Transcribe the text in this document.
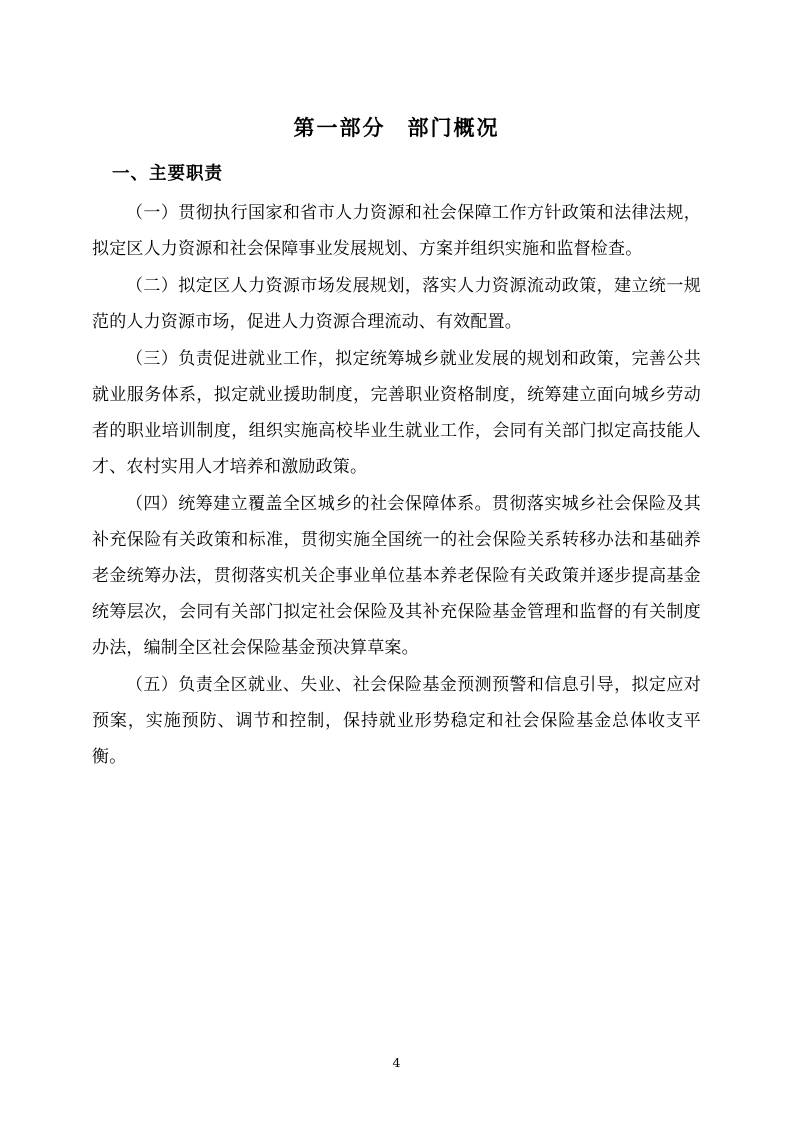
第一部分 部门概况
一、主要职责

（一）贯彻执行国家和省市人力资源和社会保障工作方针政策和法律法规，拟定区人力资源和社会保障事业发展规划、方案并组织实施和监督检查。

（二）拟定区人力资源市场发展规划，落实人力资源流动政策，建立统一规范的人力资源市场，促进人力资源合理流动、有效配置。

（三）负责促进就业工作，拟定统筹城乡就业发展的规划和政策，完善公共就业服务体系，拟定就业援助制度，完善职业资格制度，统筹建立面向城乡劳动者的职业培训制度，组织实施高校毕业生就业工作，会同有关部门拟定高技能人才、农村实用人才培养和激励政策。

（四）统筹建立覆盖全区城乡的社会保障体系。贯彻落实城乡社会保险及其补充保险有关政策和标准，贯彻实施全国统一的社会保险关系转移办法和基础养老金统筹办法，贯彻落实机关企事业单位基本养老保险有关政策并逐步提高基金统筹层次，会同有关部门拟定社会保险及其补充保险基金管理和监督的有关制度办法，编制全区社会保险基金预决算草案。

（五）负责全区就业、失业、社会保险基金预测预警和信息引导，拟定应对预案，实施预防、调节和控制，保持就业形势稳定和社会保险基金总体收支平衡。

4
